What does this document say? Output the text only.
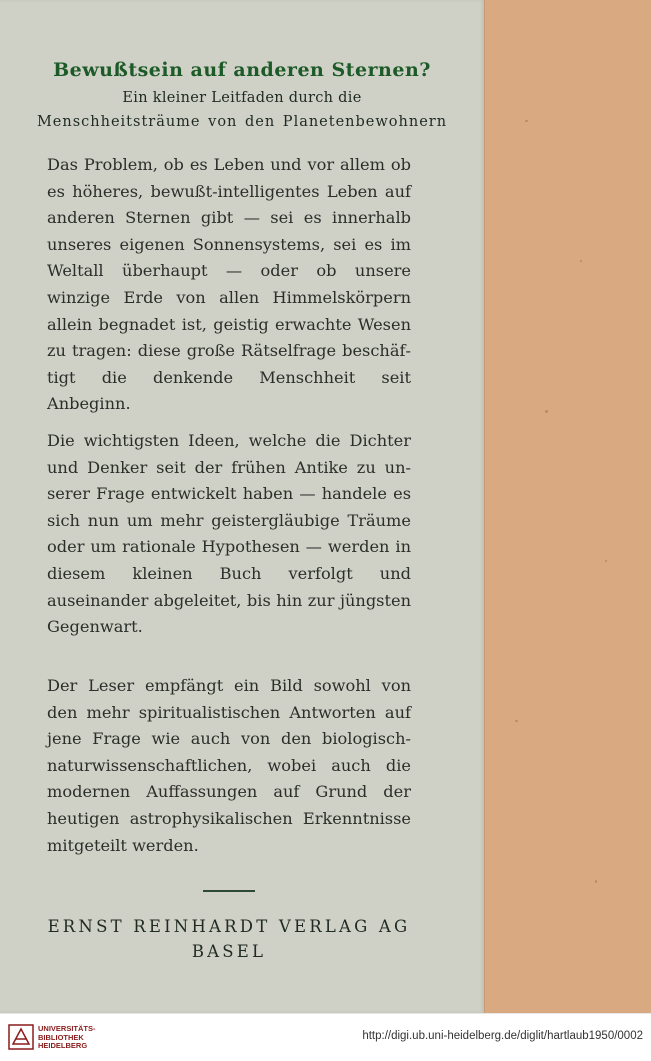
Bewußtsein auf anderen Sternen?

Ein kleiner Leitfaden durch die

Menschheitsträume von den Planetenbewohnern

Das Problem, ob es Leben und vor allem ob es höheres, bewußt-intelligentes Leben auf anderen Sternen gibt — sei es innerhalb unseres eigenen Sonnensystems, sei es im Weltall überhaupt — oder ob unsere winzige Erde von allen Himmelskörpern allein begnadet ist, geistig erwachte Wesen zu tragen: diese große Rätselfrage beschäftigt die denkende Menschheit seit Anbeginn.

Die wichtigsten Ideen, welche die Dichter und Denker seit der frühen Antike zu unserer Frage entwickelt haben — handele es sich nun um mehr geistergläubige Träume oder um rationale Hypothesen — werden in diesem kleinen Buch verfolgt und auseinander abgeleitet, bis hin zur jüngsten Gegenwart.

Der Leser empfängt ein Bild sowohl von den mehr spiritualistischen Antworten auf jene Frage wie auch von den biologisch-naturwissenschaftlichen, wobei auch die modernen Auffassungen auf Grund der heutigen astrophysikalischen Erkenntnisse mitgeteilt werden.

ERNST REINHARDT VERLAG AG

BASEL

UNIVERSITÄTS-
BIBLIOTHEK
HEIDELBERG

http://digi.ub.uni-heidelberg.de/diglit/hartlaub1950/0002
